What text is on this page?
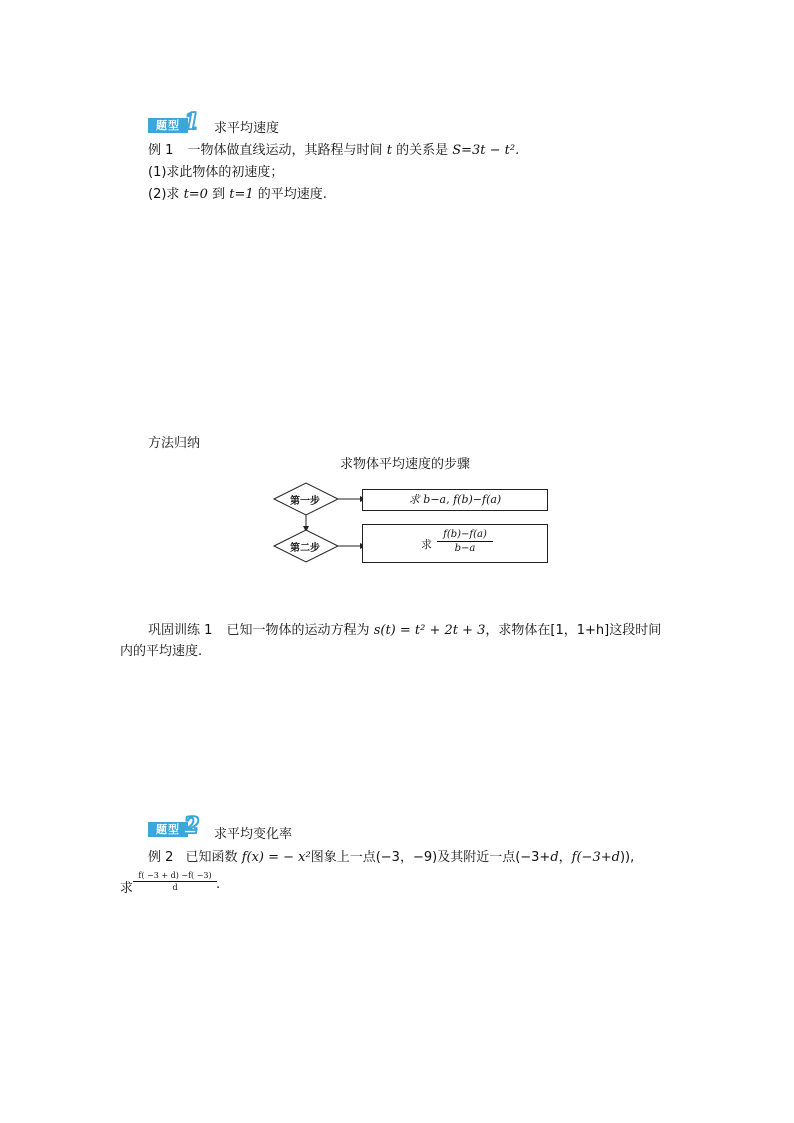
题型 1 求平均速度
例 1 一物体做直线运动，其路程与时间 t 的关系是 S=3t − t².
(1)求此物体的初速度；
(2)求 t=0 到 t=1 的平均速度.
方法归纳
求物体平均速度的步骤
第一步
第二步
求 b−a, f(b)−f(a)
求
f(b)−f(a)
b−a
巩固训练 1 已知一物体的运动方程为 s(t) = t² + 2t + 3，求物体在[1，1+h]这段时间
内的平均速度.
题型 2 求平均变化率
例 2 已知函数 f(x) = − x²图象上一点(−3，−9)及其附近一点(−3+d，f(−3+d)),
求
f( −3 + d) −f( −3)
d	.
